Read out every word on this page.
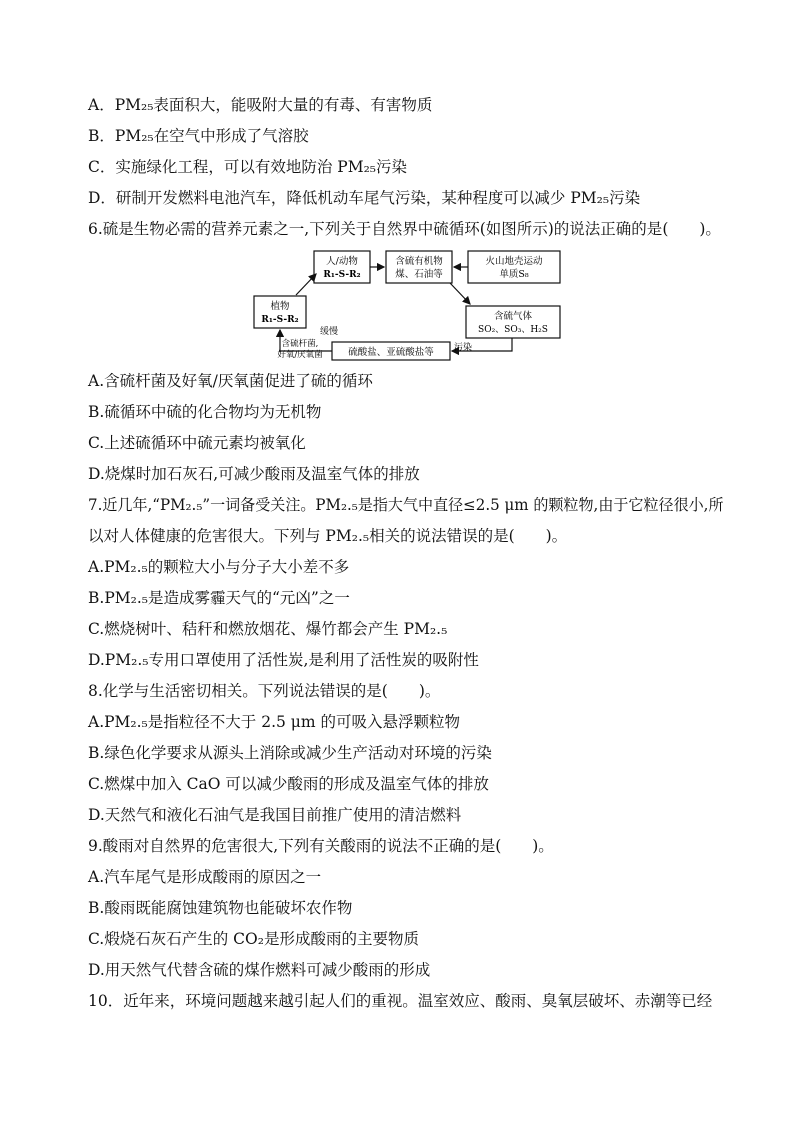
A．PM₂₅表面积大，能吸附大量的有毒、有害物质
B．PM₂₅在空气中形成了气溶胶
C．实施绿化工程，可以有效地防治 PM₂₅污染
D．研制开发燃料电池汽车，降低机动车尾气污染，某种程度可以减少 PM₂₅污染
6.硫是生物必需的营养元素之一,下列关于自然界中硫循环(如图所示)的说法正确的是(　　)。
人/动物
R₁-S-R₂
含硫有机物
煤、石油等
火山地壳运动
单质S₈
植物
R₁-S-R₂	含硫气体
SO₂、SO₃、H₂S
硫酸盐、亚硫酸盐等
缓慢
含硫杆菌,
好氧/厌氧菌
污染
A.含硫杆菌及好氧/厌氧菌促进了硫的循环
B.硫循环中硫的化合物均为无机物
C.上述硫循环中硫元素均被氧化
D.烧煤时加石灰石,可减少酸雨及温室气体的排放
7.近几年,“PM₂.₅”一词备受关注。PM₂.₅是指大气中直径≤2.5 μm 的颗粒物,由于它粒径很小,所
以对人体健康的危害很大。下列与 PM₂.₅相关的说法错误的是(　　)。
A.PM₂.₅的颗粒大小与分子大小差不多
B.PM₂.₅是造成雾霾天气的“元凶”之一
C.燃烧树叶、秸秆和燃放烟花、爆竹都会产生 PM₂.₅
D.PM₂.₅专用口罩使用了活性炭,是利用了活性炭的吸附性
8.化学与生活密切相关。下列说法错误的是(　　)。
A.PM₂.₅是指粒径不大于 2.5 μm 的可吸入悬浮颗粒物
B.绿色化学要求从源头上消除或减少生产活动对环境的污染
C.燃煤中加入 CaO 可以减少酸雨的形成及温室气体的排放
D.天然气和液化石油气是我国目前推广使用的清洁燃料
9.酸雨对自然界的危害很大,下列有关酸雨的说法不正确的是(　　)。
A.汽车尾气是形成酸雨的原因之一
B.酸雨既能腐蚀建筑物也能破坏农作物
C.煅烧石灰石产生的 CO₂是形成酸雨的主要物质
D.用天然气代替含硫的煤作燃料可减少酸雨的形成
10．近年来，环境问题越来越引起人们的重视。温室效应、酸雨、臭氧层破坏、赤潮等已经
